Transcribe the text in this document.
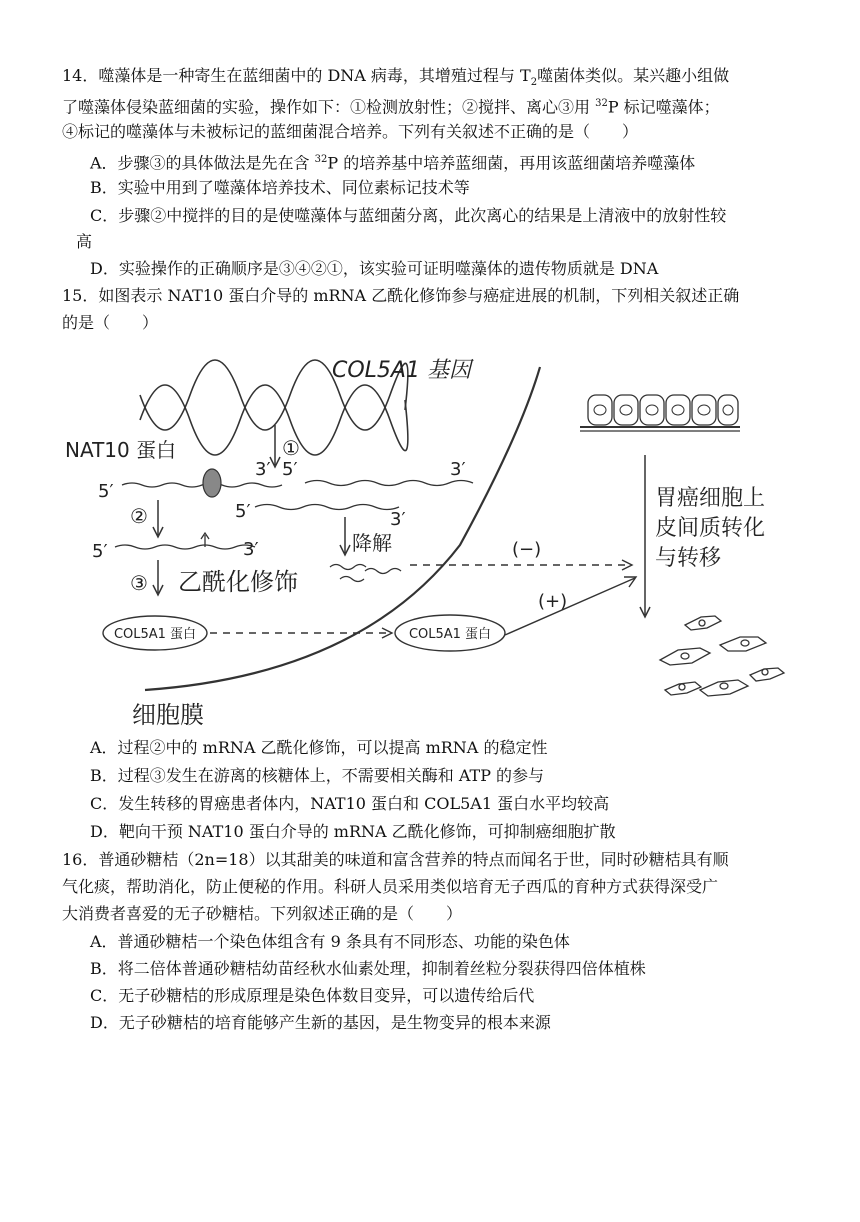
14．噬藻体是一种寄生在蓝细菌中的 DNA 病毒，其增殖过程与 $T_2$噬菌体类似。某兴趣小组做
了噬藻体侵染蓝细菌的实验，操作如下：①检测放射性；②搅拌、离心③用 $^{32}$P 标记噬藻体；
④标记的噬藻体与未被标记的蓝细菌混合培养。下列有关叙述不正确的是（　　）
A．步骤③的具体做法是先在含 $^{32}$P 的培养基中培养蓝细菌，再用该蓝细菌培养噬藻体
B．实验中用到了噬藻体培养技术、同位素标记技术等
C．步骤②中搅拌的目的是使噬藻体与蓝细菌分离，此次离心的结果是上清液中的放射性较
高
D．实验操作的正确顺序是③④②①，该实验可证明噬藻体的遗传物质就是 DNA
15．如图表示 NAT10 蛋白介导的 mRNA 乙酰化修饰参与癌症进展的机制，下列相关叙述正确
的是（　　）
COL5A1 基因
NAT10 蛋白	①
5′
3′ 5′	3′
②	5′	3′
降解
5′	3′
③ 乙酰化修饰
COL5A1 蛋白	COL5A1 蛋白
细胞膜
(−)
(+)
胃癌细胞上
皮间质转化
与转移
A．过程②中的 mRNA 乙酰化修饰，可以提高 mRNA 的稳定性
B．过程③发生在游离的核糖体上，不需要相关酶和 ATP 的参与
C．发生转移的胃癌患者体内，NAT10 蛋白和 COL5A1 蛋白水平均较高
D．靶向干预 NAT10 蛋白介导的 mRNA 乙酰化修饰，可抑制癌细胞扩散
16．普通砂糖桔（2n=18）以其甜美的味道和富含营养的特点而闻名于世，同时砂糖桔具有顺
气化痰，帮助消化，防止便秘的作用。科研人员采用类似培育无子西瓜的育种方式获得深受广
大消费者喜爱的无子砂糖桔。下列叙述正确的是（　　）
A．普通砂糖桔一个染色体组含有 9 条具有不同形态、功能的染色体
B．将二倍体普通砂糖桔幼苗经秋水仙素处理，抑制着丝粒分裂获得四倍体植株
C．无子砂糖桔的形成原理是染色体数目变异，可以遗传给后代
D．无子砂糖桔的培育能够产生新的基因，是生物变异的根本来源
